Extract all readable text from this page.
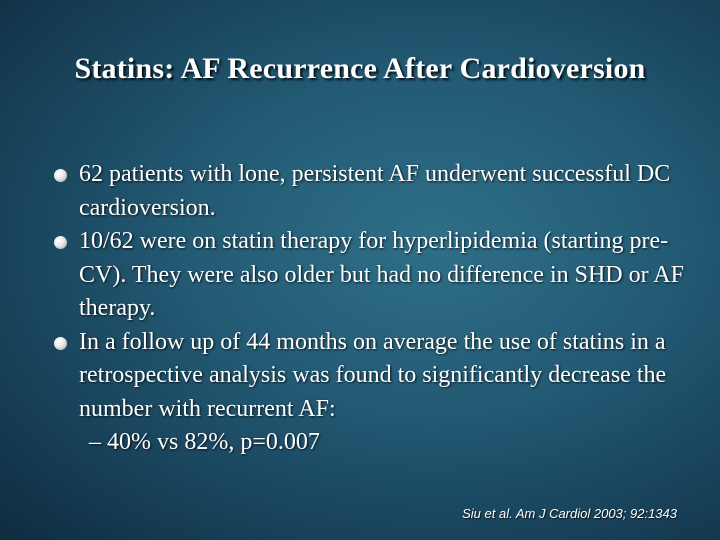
Statins: AF Recurrence After Cardioversion
62 patients with lone, persistent AF underwent successful DC cardioversion.
10/62 were on statin therapy for hyperlipidemia (starting pre-CV). They were also older but had no difference in SHD or AF therapy.
In a follow up of 44 months on average the use of statins in a retrospective analysis was found to significantly decrease the number with recurrent AF:
– 40% vs 82%, p=0.007
Siu et al. Am J Cardiol 2003; 92:1343
